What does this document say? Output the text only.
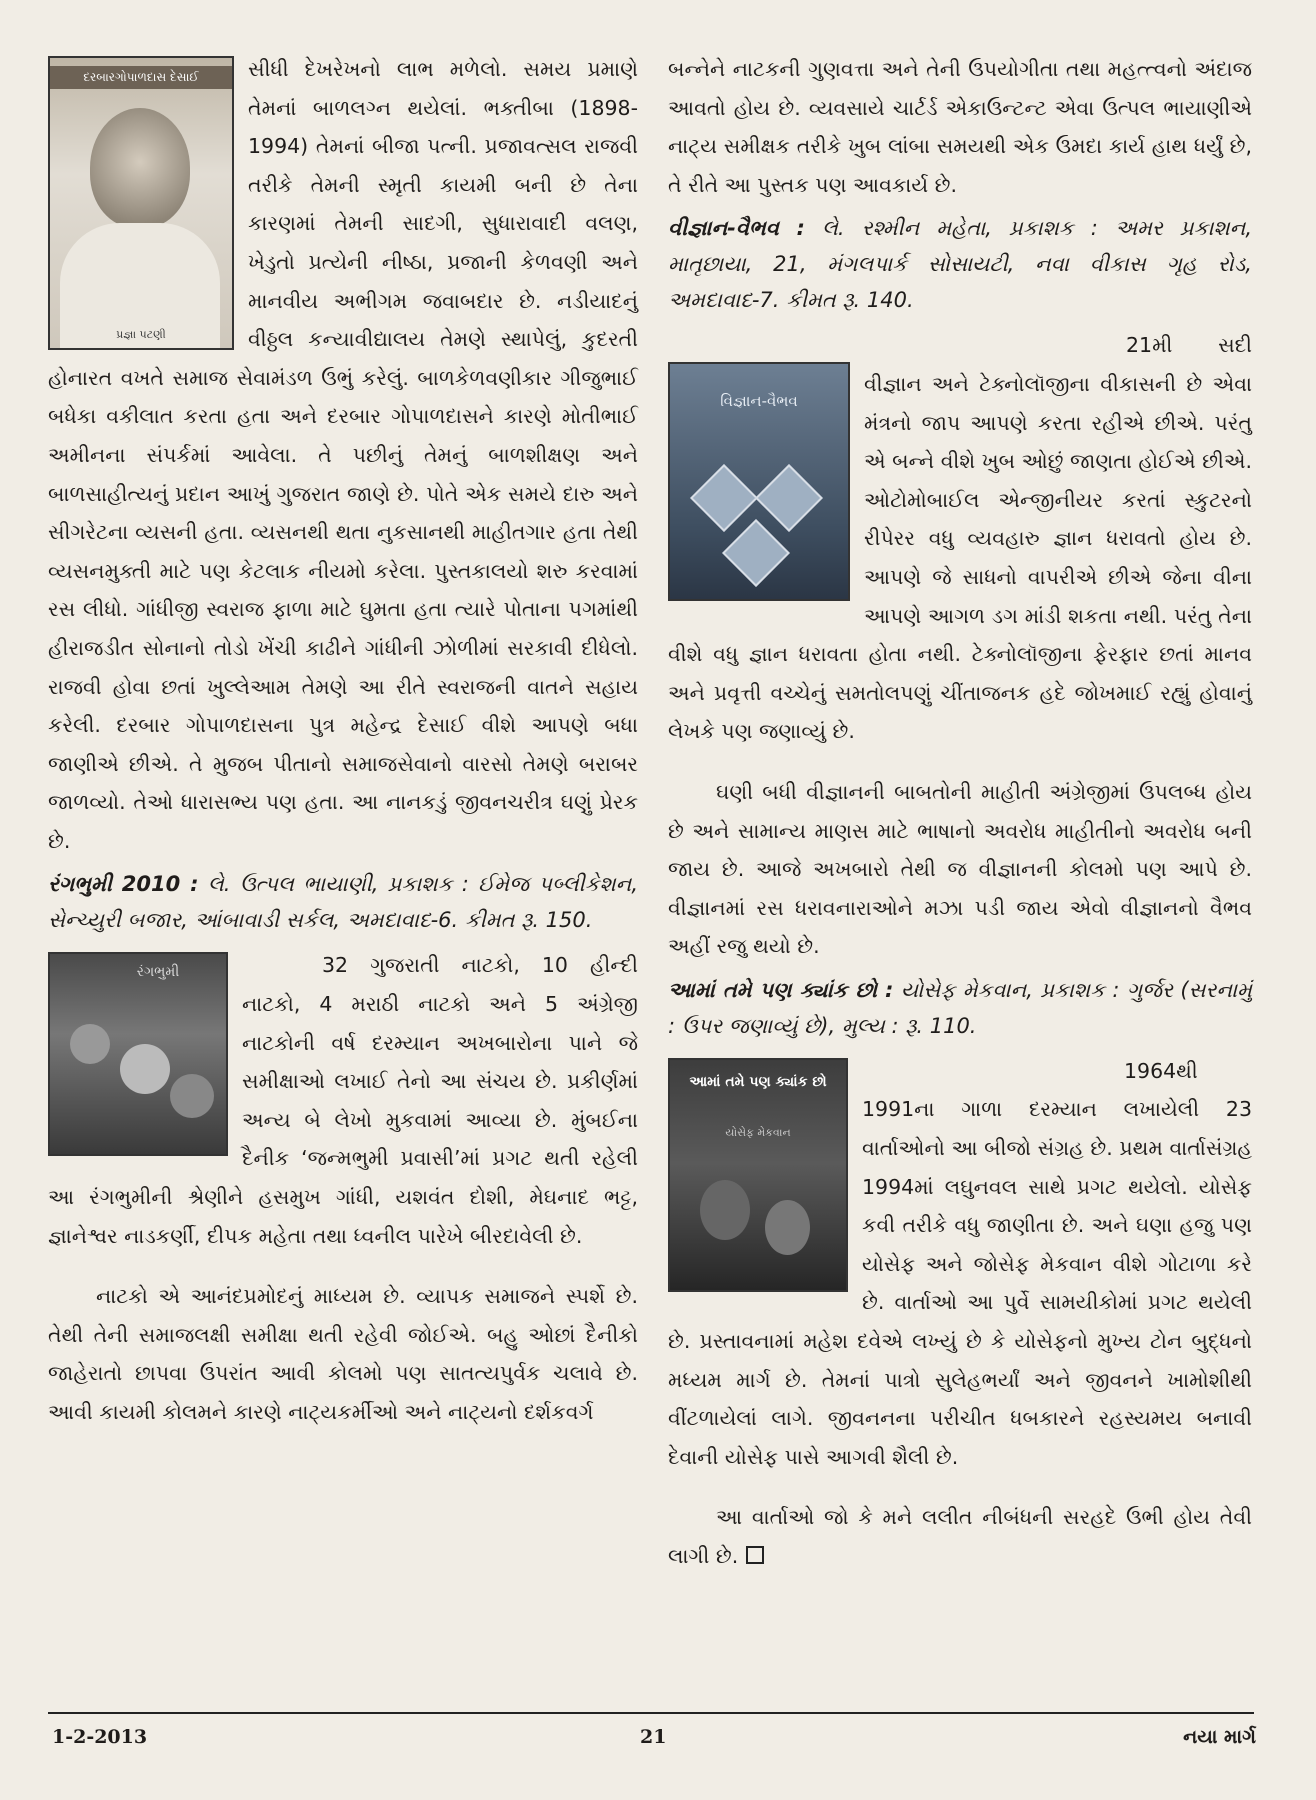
દરબારગોપાળદાસ દેસાઈ
પ્રજ્ઞા પટણી

સીધી દેખરેખનો લાભ મળેલો. સમય પ્રમાણે તેમનાં બાળલગ્ન થયેલાં. ભક્તીબા (1898-1994) તેમનાં બીજા પત્ની. પ્રજાવત્સલ રાજવી તરીકે તેમની સ્મૃતી કાયમી બની છે તેના કારણમાં તેમની સાદગી, સુધારાવાદી વલણ, ખેડુતો પ્રત્યેની નીષ્ઠા, પ્રજાની કેળવણી અને માનવીય અભીગમ જવાબદાર છે. નડીયાદનું વીઠ્ઠલ કન્યાવીદ્યાલય તેમણે સ્થાપેલું, કુદરતી હોનારત વખતે સમાજ સેવામંડળ ઉભું કરેલું. બાળકેળવણીકાર ગીજુભાઈ બધેકા વકીલાત કરતા હતા અને દરબાર ગોપાળદાસને કારણે મોતીભાઈ અમીનના સંપર્કમાં આવેલા. તે પછીનું તેમનું બાળશીક્ષણ અને બાળસાહીત્યનું પ્રદાન આખું ગુજરાત જાણે છે. પોતે એક સમયે દારુ અને સીગરેટના વ્યસની હતા. વ્યસનથી થતા નુકસાનથી માહીતગાર હતા તેથી વ્યસનમુક્તી માટે પણ કેટલાક નીયમો કરેલા. પુસ્તકાલયો શરુ કરવામાં રસ લીધો. ગાંધીજી સ્વરાજ ફાળા માટે ઘુમતા હતા ત્યારે પોતાના પગમાંથી હીરાજડીત સોનાનો તોડો ખેંચી કાઢીને ગાંધીની ઝોળીમાં સરકાવી દીધેલો. રાજવી હોવા છતાં ખુલ્લેઆમ તેમણે આ રીતે સ્વરાજની વાતને સહાય કરેલી. દરબાર ગોપાળદાસના પુત્ર મહેન્દ્ર દેસાઈ વીશે આપણે બધા જાણીએ છીએ. તે મુજબ પીતાનો સમાજસેવાનો વારસો તેમણે બરાબર જાળવ્યો. તેઓ ધારાસભ્ય પણ હતા. આ નાનકડું જીવનચરીત્ર ઘણું પ્રેરક છે.

રંગભુમી 2010 : લે. ઉત્પલ ભાયાણી, પ્રકાશક : ઈમેજ પબ્લીકેશન, સેન્ચ્યુરી બજાર, આંબાવાડી સર્કલ, અમદાવાદ-6. કીમત રૂ. 150.

રંગભુમી	32 ગુજરાતી નાટકો, 10 હીન્દી નાટકો, 4 મરાઠી નાટકો અને 5 અંગ્રેજી નાટકોની વર્ષ દરમ્યાન અખબારોના પાને જે સમીક્ષાઓ લખાઈ તેનો આ સંચય છે. પ્રકીર્ણમાં અન્ય બે લેખો મુકવામાં આવ્યા છે. મુંબઈના દૈનીક ‘જન્મભુમી પ્રવાસી’માં પ્રગટ થતી રહેલી આ રંગભુમીની શ્રેણીને હસમુખ ગાંધી, યશવંત દોશી, મેઘનાદ ભટ્ટ, જ્ઞાનેશ્વર નાડકર્ણી, દીપક મહેતા તથા ધ્વનીલ પારેખે બીરદાવેલી છે.

નાટકો એ આનંદપ્રમોદનું માધ્યમ છે. વ્યાપક સમાજને સ્પર્શે છે. તેથી તેની સમાજલક્ષી સમીક્ષા થતી રહેવી જોઈએ. બહુ ઓછાં દૈનીકો જાહેરાતો છાપવા ઉપરાંત આવી કોલમો પણ સાતત્યપુર્વક ચલાવે છે. આવી કાયમી કોલમને કારણે નાટ્યકર્મીઓ અને નાટ્યનો દર્શકવર્ગ

બન્નેને નાટકની ગુણવત્તા અને તેની ઉપયોગીતા તથા મહત્ત્વનો અંદાજ આવતો હોય છે. વ્યવસાયે ચાર્ટર્ડ એકાઉન્ટન્ટ એવા ઉત્પલ ભાયાણીએ નાટ્ય સમીક્ષક તરીકે ખુબ લાંબા સમયથી એક ઉમદા કાર્ય હાથ ધર્યું છે, તે રીતે આ પુસ્તક પણ આવકાર્ય છે.

વીજ્ઞાન-વૈભવ : લે. રશ્મીન મહેતા, પ્રકાશક : અમર પ્રકાશન, માતૃછાયા, 21, મંગલપાર્ક સોસાયટી, નવા વીકાસ ગૃહ રોડ, અમદાવાદ-7. કીમત રૂ. 140.

વિજ્ઞાન-વૈભવ

21મી સદી વીજ્ઞાન અને ટેક્નોલૉજીના વીકાસની છે એવા મંત્રનો જાપ આપણે કરતા રહીએ છીએ. પરંતુ એ બન્ને વીશે ખુબ ઓછું જાણતા હોઈએ છીએ. ઓટોમોબાઈલ એન્જીનીયર કરતાં સ્કુટરનો રીપેરર વધુ વ્યવહારુ જ્ઞાન ધરાવતો હોય છે. આપણે જે સાધનો વાપરીએ છીએ જેના વીના આપણે આગળ ડગ માંડી શકતા નથી. પરંતુ તેના વીશે વધુ જ્ઞાન ધરાવતા હોતા નથી. ટેક્નોલૉજીના ફેરફાર છતાં માનવ અને પ્રવૃત્તી વચ્ચેનું સમતોલપણું ચીંતાજનક હદે જોખમાઈ રહ્યું હોવાનું લેખકે પણ જણાવ્યું છે.

ઘણી બધી વીજ્ઞાનની બાબતોની માહીતી અંગ્રેજીમાં ઉપલબ્ધ હોય છે અને સામાન્ય માણસ માટે ભાષાનો અવરોધ માહીતીનો અવરોધ બની જાય છે. આજે અખબારો તેથી જ વીજ્ઞાનની કોલમો પણ આપે છે. વીજ્ઞાનમાં રસ ધરાવનારાઓને મઝા પડી જાય એવો વીજ્ઞાનનો વૈભવ અહીં રજુ થયો છે.

આમાં તમે પણ ક્યાંક છો : યોસેફ મેકવાન, પ્રકાશક : ગુર્જર (સરનામું : ઉપર જણાવ્યું છે), મુલ્ય : રૂ. 110.

આમાં તમે પણ ક્યાંક છો
યોસેફ મેકવાન

1964થી 1991ના ગાળા દરમ્યાન લખાયેલી 23 વાર્તાઓનો આ બીજો સંગ્રહ છે. પ્રથમ વાર્તાસંગ્રહ 1994માં લઘુનવલ સાથે પ્રગટ થયેલો. યોસેફ કવી તરીકે વધુ જાણીતા છે. અને ઘણા હજુ પણ યોસેફ અને જોસેફ મેકવાન વીશે ગોટાળા કરે છે. વાર્તાઓ આ પુર્વે સામયીકોમાં પ્રગટ થયેલી છે. પ્રસ્તાવનામાં મહેશ દવેએ લખ્યું છે કે યોસેફનો મુખ્ય ટોન બુદ્ધનો મધ્યમ માર્ગ છે. તેમનાં પાત્રો સુલેહભર્યાં અને જીવનને ખામોશીથી વીંટળાયેલાં લાગે. જીવનનના પરીચીત ધબકારને રહસ્યમય બનાવી દેવાની યોસેફ પાસે આગવી શૈલી છે.

આ વાર્તાઓ જો કે મને લલીત નીબંધની સરહદે ઉભી હોય તેવી લાગી છે.

1-2-2013	21	નયા માર્ગ
